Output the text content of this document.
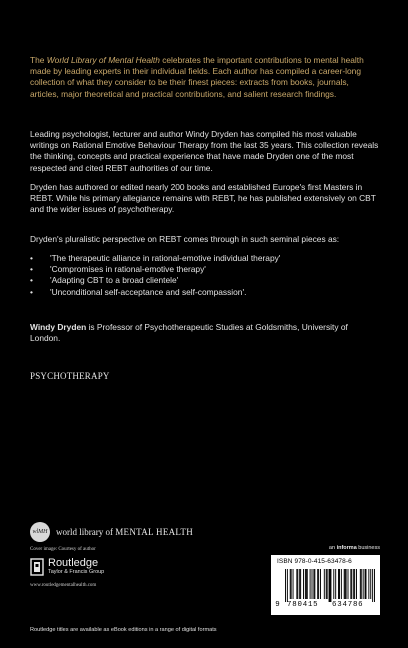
The World Library of Mental Health celebrates the important contributions to mental health made by leading experts in their individual fields. Each author has compiled a career-long collection of what they consider to be their finest pieces: extracts from books, journals, articles, major theoretical and practical contributions, and salient research findings.

Leading psychologist, lecturer and author Windy Dryden has compiled his most valuable writings on Rational Emotive Behaviour Therapy from the last 35 years. This collection reveals the thinking, concepts and practical experience that have made Dryden one of the most respected and cited REBT authorities of our time.

Dryden has authored or edited nearly 200 books and established Europe's first Masters in REBT. While his primary allegiance remains with REBT, he has published extensively on CBT and the wider issues of psychotherapy.

Dryden's pluralistic perspective on REBT comes through in such seminal pieces as:

•	'The therapeutic alliance in rational-emotive individual therapy'
•	'Compromises in rational-emotive therapy'
•	'Adapting CBT to a broad clientele'
•	'Unconditional self-acceptance and self-compassion'.

Windy Dryden is Professor of Psychotherapeutic Studies at Goldsmiths, University of London.

PSYCHOTHERAPY
wlMH world library of MENTAL HEALTH
Cover image: Courtesy of author
Routledge
Taylor & Francis Group
www.routledgementalhealth.com
an informa business
ISBN 978-0-415-63478-6
9 780415	634786
Routledge titles are available as eBook editions in a range of digital formats
